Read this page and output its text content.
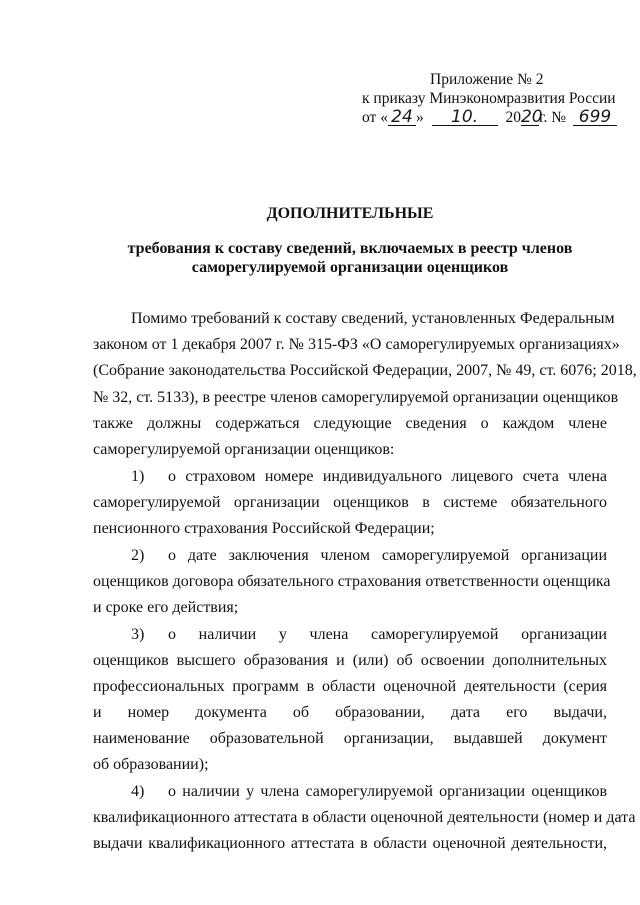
Приложение № 2
к приказу Минэкономразвития России
от « 24 » 10. 2020г. № 699
ДОПОЛНИТЕЛЬНЫЕ
требования к составу сведений, включаемых в реестр членов
саморегулируемой организации оценщиков
Помимо требований к составу сведений, установленных Федеральным
законом от 1 декабря 2007 г. № 315-ФЗ «О саморегулируемых организациях»
(Собрание законодательства Российской Федерации, 2007, № 49, ст. 6076; 2018,
№ 32, ст. 5133), в реестре членов саморегулируемой организации оценщиков
также должны содержаться следующие сведения о каждом члене
саморегулируемой организации оценщиков:
1) о страховом номере индивидуального лицевого счета члена
саморегулируемой организации оценщиков в системе обязательного
пенсионного страхования Российской Федерации;
2) о дате заключения членом саморегулируемой организации
оценщиков договора обязательного страхования ответственности оценщика
и сроке его действия;
3) о наличии у члена саморегулируемой организации
оценщиков высшего образования и (или) об освоении дополнительных
профессиональных программ в области оценочной деятельности (серия
и номер документа об образовании, дата его выдачи,
наименование образовательной организации, выдавшей документ
об образовании);
4) о наличии у члена саморегулируемой организации оценщиков
квалификационного аттестата в области оценочной деятельности (номер и дата
выдачи квалификационного аттестата в области оценочной деятельности,
